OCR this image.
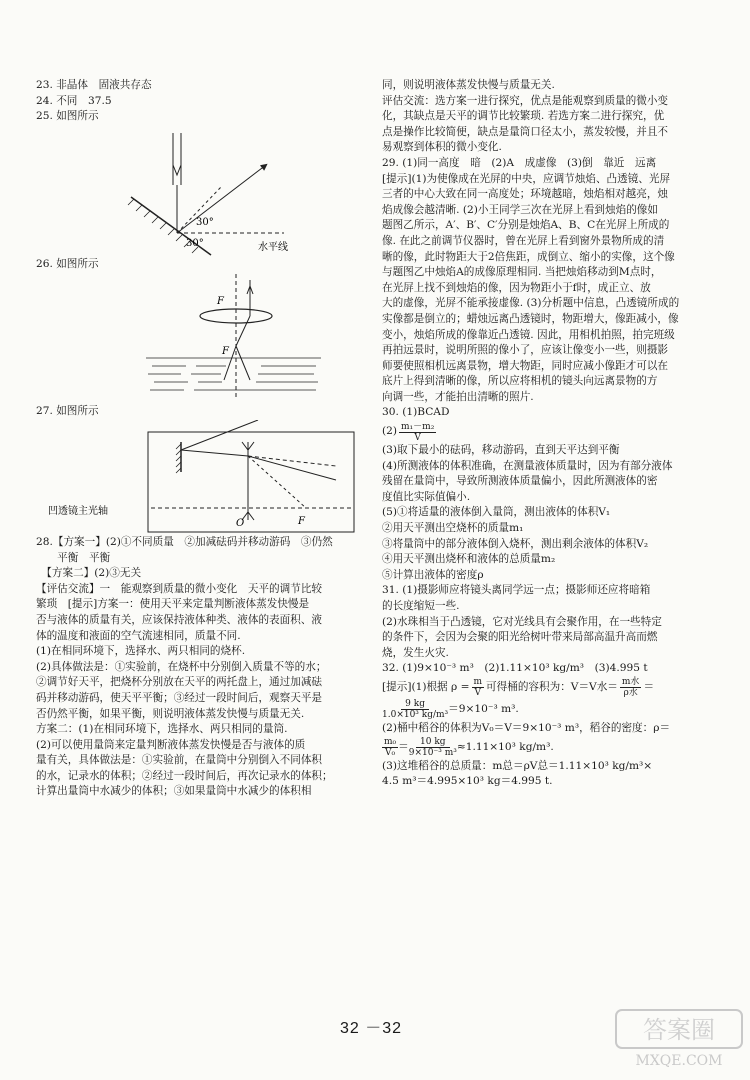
23. 非晶体　固液共存态
24. 不同　37.5
25. 如图所示
30°
30°	水平线
26. 如图所示
F
F
27. 如图所示
O	F
凹透镜主光轴
28.【方案一】(2)①不同质量　②加减砝码并移动游码　③仍然
　　平衡　平衡
　【方案二】(2)③无关
【评估交流】一　能观察到质量的微小变化　天平的调节比较
繁琐　[提示]方案一：使用天平来定量判断液体蒸发快慢是
否与液体的质量有关，应该保持液体种类、液体的表面积、液
体的温度和液面的空气流速相同，质量不同.
(1)在相同环境下，选择水、两只相同的烧杯.
(2)具体做法是：①实验前，在烧杯中分别倒入质量不等的水；
②调节好天平，把烧杯分别放在天平的两托盘上，通过加减砝
码并移动游码，使天平平衡；③经过一段时间后，观察天平是
否仍然平衡，如果平衡，则说明液体蒸发快慢与质量无关.
方案二：(1)在相同环境下，选择水、两只相同的量筒.
(2)可以使用量筒来定量判断液体蒸发快慢是否与液体的质
量有关，具体做法是：①实验前，在量筒中分别倒入不同体积
的水，记录水的体积；②经过一段时间后，再次记录水的体积；
计算出量筒中水减少的体积；③如果量筒中水减少的体积相
同，则说明液体蒸发快慢与质量无关.
评估交流：选方案一进行探究，优点是能观察到质量的微小变
化，其缺点是天平的调节比较繁琐. 若选方案二进行探究，优
点是操作比较简便，缺点是量筒口径太小，蒸发较慢，并且不
易观察到体积的微小变化.
29. (1)同一高度　暗　(2)A　成虚像　(3)倒　靠近　远离
[提示](1)为使像成在光屏的中央，应调节烛焰、凸透镜、光屏
三者的中心大致在同一高度处；环境越暗，烛焰相对越亮，烛
焰成像会越清晰. (2)小王同学三次在光屏上看到烛焰的像如
题图乙所示，A′、B′、C′分别是烛焰A、B、C在光屏上所成的
像. 在此之前调节仪器时，曾在光屏上看到窗外景物所成的清
晰的像，此时物距大于2倍焦距，成倒立、缩小的实像，这个像
与题图乙中烛焰A的成像原理相同. 当把烛焰移动到M点时，
在光屏上找不到烛焰的像，因为物距小于f时，成正立、放
大的虚像，光屏不能承接虚像. (3)分析题中信息，凸透镜所成的
实像都是倒立的；蜡烛远离凸透镜时，物距增大，像距减小，像
变小，烛焰所成的像靠近凸透镜. 因此，用相机拍照，拍完班级
再拍远景时，说明所照的像小了，应该让像变小一些，则摄影
师要使照相机远离景物，增大物距，同时应减小像距才可以在
底片上得到清晰的像，所以应将相机的镜头向远离景物的方
向调一些，才能拍出清晰的照片.
30. (1)BCAD
$(2) \frac{\text{m₁－m₂}}{V}$
(3)取下最小的砝码，移动游码，直到天平达到平衡
(4)所测液体的体积准确，在测量液体质量时，因为有部分液体
残留在量筒中，导致所测液体质量偏小，因此所测液体的密
度值比实际值偏小.
(5)①将适量的液体倒入量筒，测出液体的体积V₁
②用天平测出空烧杯的质量m₁
③将量筒中的部分液体倒入烧杯，测出剩余液体的体积V₂
④用天平测出烧杯和液体的总质量m₂
⑤计算出液体的密度ρ
31. (1)摄影师应将镜头离同学远一点；摄影师还应将暗箱
的长度缩短一些.
(2)水珠相当于凸透镜，它对光线具有会聚作用，在一些特定
的条件下，会因为会聚的阳光给树叶带来局部高温升高而燃
烧，发生火灾.
32. (1)9×10⁻³ m³　(2)1.11×10³ kg/m³　(3)4.995 t
[提示](1)根据 $\rho = \frac{m}{V}$ 可得桶的容积为：V＝V水＝ m水
ρ水
＝
$\frac{9 kg}{\text{1.0×10³ kg/m³}} =9\times 10^{-3}$ m³.
(2)桶中稻谷的体积为V₀＝V＝9×10⁻³ m³，稻谷的密度：ρ＝
$\frac{\text{m₀}}{\text{V₀}} = \frac{10 kg}{\text{9×10⁻³ m³}} \approx 1.11\times 10^3$ kg/m³.
(3)这堆稻谷的总质量：m总＝ρV总＝1.11×10³ kg/m³×
4.5 m³＝4.995×10³ kg＝4.995 t.
32 －32	答案圈
MXQE.COM
